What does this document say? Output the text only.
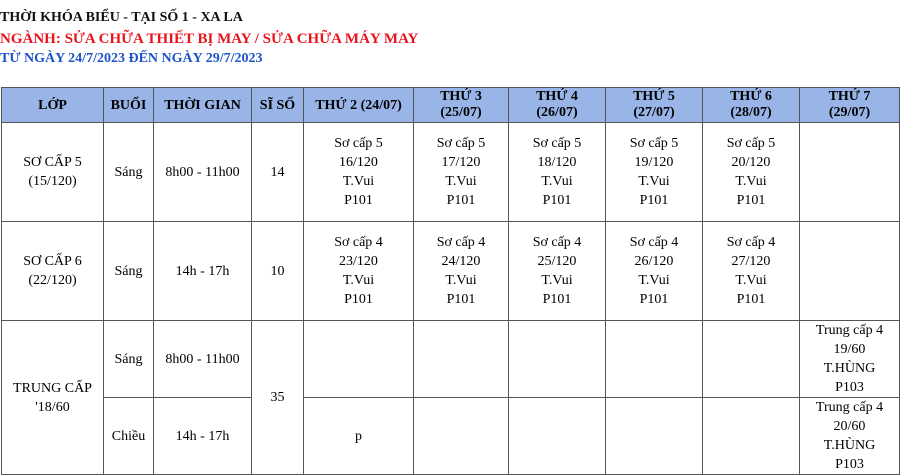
THỜI KHÓA BIỂU - TẠI SỐ 1 - XA LA
NGÀNH: SỬA CHỮA THIẾT BỊ MAY / SỬA CHỮA MÁY MAY
TỪ NGÀY 24/7/2023 ĐẾN NGÀY 29/7/2023
LỚP	BUỔI	THỜI GIAN	SĨ SỐ	THỨ 2 (24/07)	THỨ 3
(25/07)	THỨ 4
(26/07)	THỨ 5
(27/07)	THỨ 6
(28/07)	THỨ 7
(29/07)
SƠ CẤP 5
(15/120)	Sáng	8h00 - 11h00	14	Sơ cấp 5
16/120
T.Vui
P101	Sơ cấp 5
17/120
T.Vui
P101	Sơ cấp 5
18/120
T.Vui
P101	Sơ cấp 5
19/120
T.Vui
P101	Sơ cấp 5
20/120
T.Vui
P101	
SƠ CẤP 6
(22/120)	Sáng	14h - 17h	10	Sơ cấp 4
23/120
T.Vui
P101	Sơ cấp 4
24/120
T.Vui
P101	Sơ cấp 4
25/120
T.Vui
P101	Sơ cấp 4
26/120
T.Vui
P101	Sơ cấp 4
27/120
T.Vui
P101	
TRUNG CẤP
'18/60	Sáng	8h00 - 11h00	35						Trung cấp 4
19/60
T.HÙNG
P103
	Chiều	14h - 17h		p					Trung cấp 4
20/60
T.HÙNG
P103
